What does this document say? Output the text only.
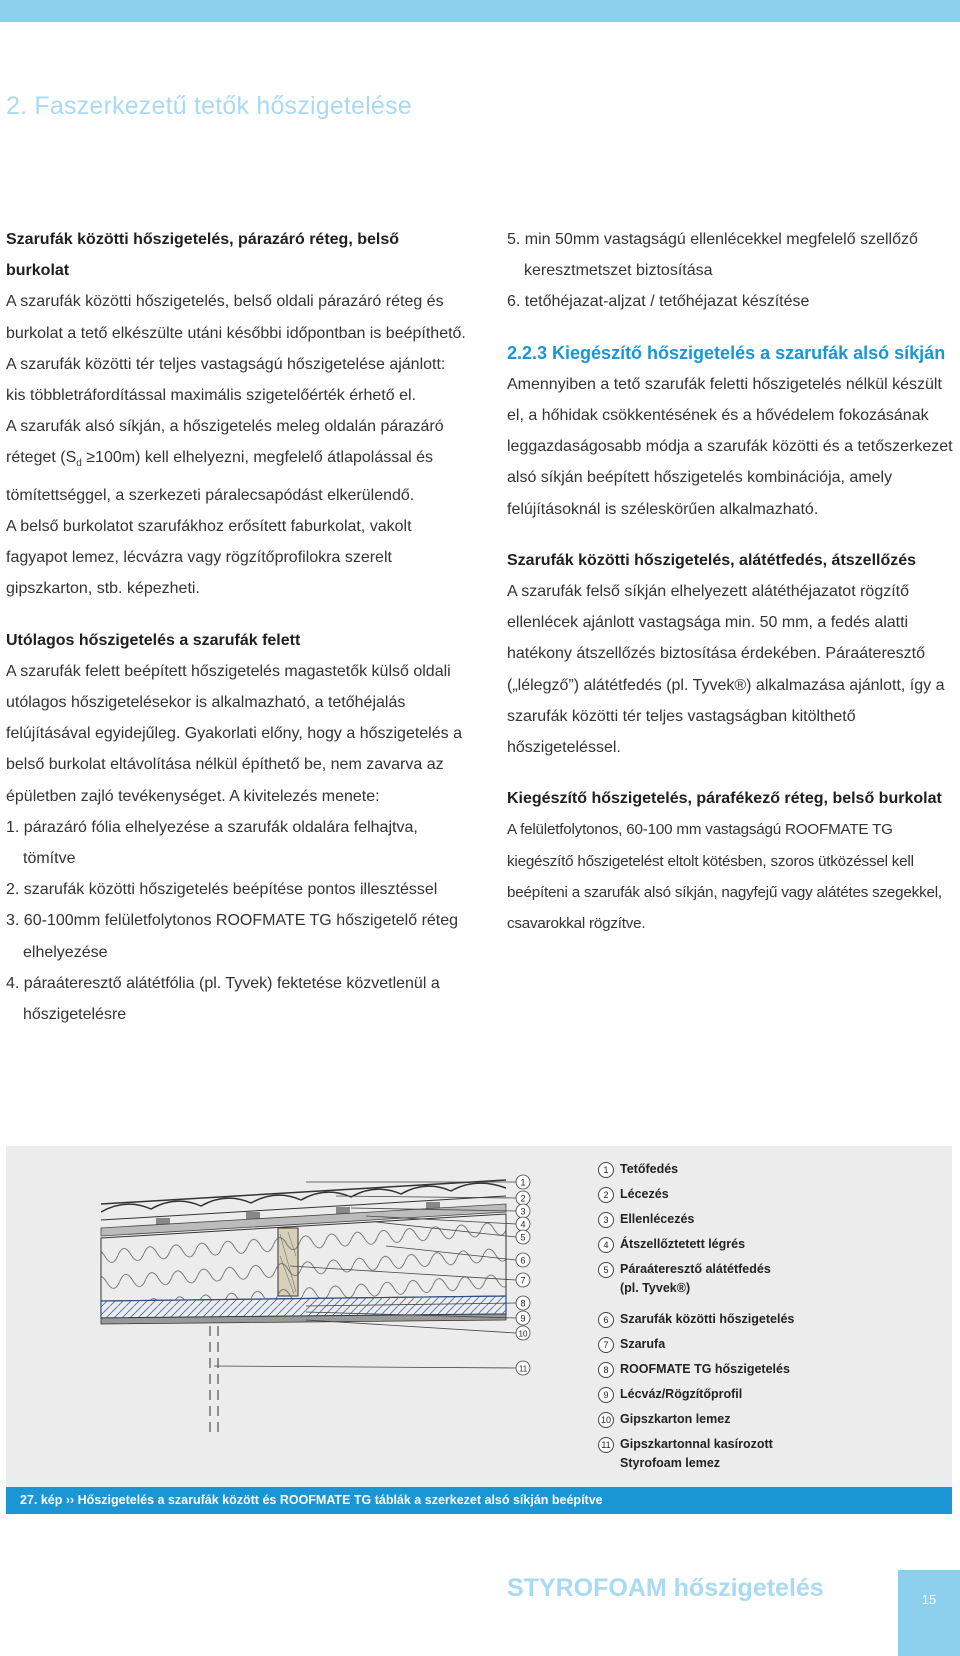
2. Faszerkezetű tetők hőszigetelése

Szarufák közötti hőszigetelés, párazáró réteg, belső burkolat

A szarufák közötti hőszigetelés, belső oldali párazáró réteg és burkolat a tető elkészülte utáni későbbi időpontban is beépíthető. A szarufák közötti tér teljes vastagságú hőszigetelése ajánlott: kis többletráfordítással maximális szigetelőérték érhető el.

A szarufák alsó síkján, a hőszigetelés meleg oldalán párazáró réteget $(S_d \ge 100m)$ kell elhelyezni, megfelelő átlapolással és tömítettséggel, a szerkezeti páralecsapódást elkerülendő.

A belső burkolatot szarufákhoz erősített faburkolat, vakolt fagyapot lemez, lécvázra vagy rögzítőprofilokra szerelt gipszkarton, stb. képezheti.

Utólagos hőszigetelés a szarufák felett

A szarufák felett beépített hőszigetelés magastetők külső oldali utólagos hőszigetelésekor is alkalmazható, a tetőhéjalás felújításával egyidejűleg. Gyakorlati előny, hogy a hőszigetelés a belső burkolat eltávolítása nélkül építhető be, nem zavarva az épületben zajló tevékenységet. A kivitelezés menete:

1. párazáró fólia elhelyezése a szarufák oldalára felhajtva, tömítve

2. szarufák közötti hőszigetelés beépítése pontos illesztéssel

3. 60-100mm felületfolytonos ROOFMATE TG hőszigetelő réteg elhelyezése

4. páraáteresztő alátétfólia (pl. Tyvek) fektetése közvetlenül a hőszigetelésre

5. min 50mm vastagságú ellenlécekkel megfelelő szellőző keresztmetszet biztosítása

6. tetőhéjazat-aljzat / tetőhéjazat készítése

2.2.3 Kiegészítő hőszigetelés a szarufák alsó síkján

Amennyiben a tető szarufák feletti hőszigetelés nélkül készült el, a hőhidak csökkentésének és a hővédelem fokozásának leggazdaságosabb módja a szarufák közötti és a tetőszerkezet alsó síkján beépített hőszigetelés kombinációja, amely felújításoknál is széleskörűen alkalmazható.

Szarufák közötti hőszigetelés, alátétfedés, átszellőzés

A szarufák felső síkján elhelyezett alátéthéjazatot rögzítő ellenlécek ajánlott vastagsága min. 50 mm, a fedés alatti hatékony átszellőzés biztosítása érdekében. Páraáteresztő („lélegző”) alátétfedés (pl. Tyvek®) alkalmazása ajánlott, így a szarufák közötti tér teljes vastagságban kitölthető hőszigeteléssel.

Kiegészítő hőszigetelés, párafékező réteg, belső burkolat

A felületfolytonos, 60-100 mm vastagságú ROOFMATE TG kiegészítő hőszigetelést eltolt kötésben, szoros ütközéssel kell beépíteni a szarufák alsó síkján, nagyfejű vagy alátétes szegekkel, csavarokkal rögzítve.

1
2
3
4
5
6
7
8
9
10
11
1 Tetőfedés
2 Lécezés
3 Ellenlécezés
4 Átszellőztetett légrés
5 Páraáteresztő alátétfedés
(pl. Tyvek®)
6 Szarufák közötti hőszigetelés
7 Szarufa
8 ROOFMATE TG hőszigetelés
9 Lécváz/Rögzítőprofil
10 Gipszkarton lemez
11 Gipszkartonnal kasírozott
Styrofoam lemez
27. kép ›› Hőszigetelés a szarufák között és ROOFMATE TG táblák a szerkezet alsó síkján beépítve
STYROFOAM hőszigetelés	15
